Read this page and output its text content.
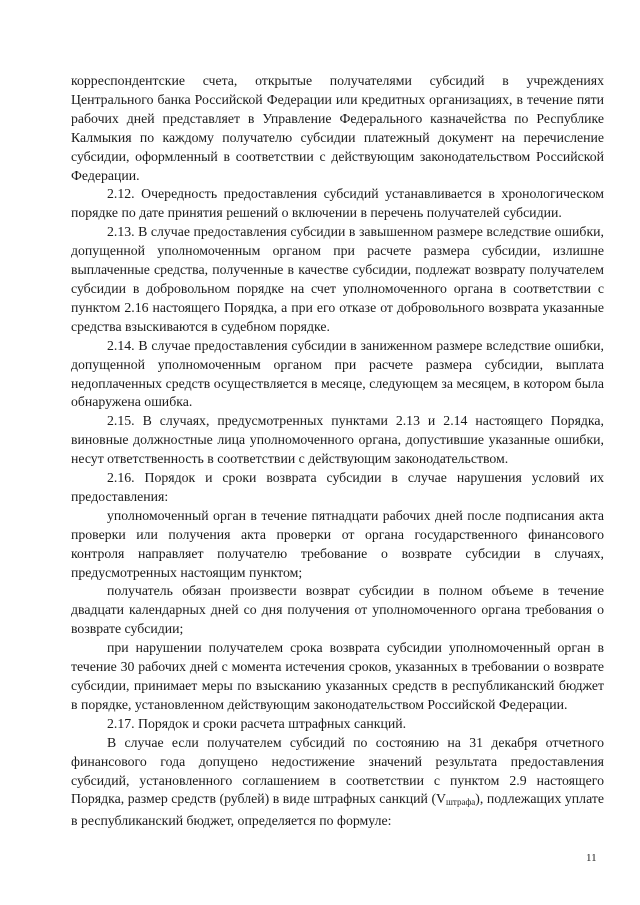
корреспондентские счета, открытые получателями субсидий в учреждениях Центрального банка Российской Федерации или кредитных организациях, в течение пяти рабочих дней представляет в Управление Федерального казначейства по Республике Калмыкия по каждому получателю субсидии платежный документ на перечисление субсидии, оформленный в соответствии с действующим законодательством Российской Федерации.

2.12. Очередность предоставления субсидий устанавливается в хронологическом порядке по дате принятия решений о включении в перечень получателей субсидии.

2.13. В случае предоставления субсидии в завышенном размере вследствие ошибки, допущенной уполномоченным органом при расчете размера субсидии, излишне выплаченные средства, полученные в качестве субсидии, подлежат возврату получателем субсидии в добровольном порядке на счет уполномоченного органа в соответствии с пунктом 2.16 настоящего Порядка, а при его отказе от добровольного возврата указанные средства взыскиваются в судебном порядке.

2.14. В случае предоставления субсидии в заниженном размере вследствие ошибки, допущенной уполномоченным органом при расчете размера субсидии, выплата недоплаченных средств осуществляется в месяце, следующем за месяцем, в котором была обнаружена ошибка.

2.15. В случаях, предусмотренных пунктами 2.13 и 2.14 настоящего Порядка, виновные должностные лица уполномоченного органа, допустившие указанные ошибки, несут ответственность в соответствии с действующим законодательством.

2.16. Порядок и сроки возврата субсидии в случае нарушения условий их предоставления:

уполномоченный орган в течение пятнадцати рабочих дней после подписания акта проверки или получения акта проверки от органа государственного финансового контроля направляет получателю требование о возврате субсидии в случаях, предусмотренных настоящим пунктом;

получатель обязан произвести возврат субсидии в полном объеме в течение двадцати календарных дней со дня получения от уполномоченного органа требования о возврате субсидии;

при нарушении получателем срока возврата субсидии уполномоченный орган в течение 30 рабочих дней с момента истечения сроков, указанных в требовании о возврате субсидии, принимает меры по взысканию указанных средств в республиканский бюджет в порядке, установленном действующим законодательством Российской Федерации.

2.17. Порядок и сроки расчета штрафных санкций.

В случае если получателем субсидий по состоянию на 31 декабря отчетного финансового года допущено недостижение значений результата предоставления субсидий, установленного соглашением в соответствии с пунктом 2.9 настоящего Порядка, размер средств (рублей) в виде штрафных санкций $(V_{штрафа})$, подлежащих уплате в республиканский бюджет, определяется по формуле:

11
